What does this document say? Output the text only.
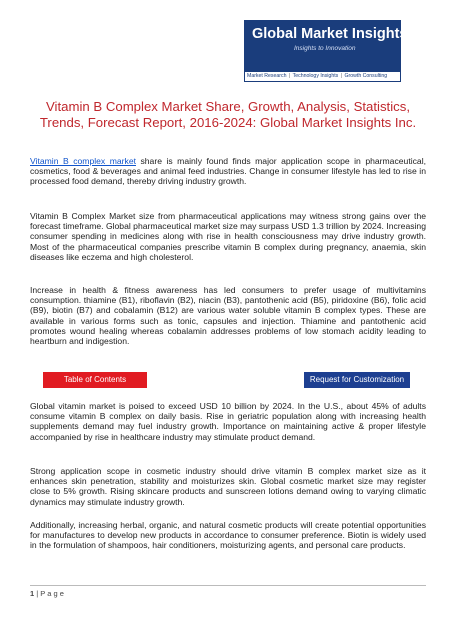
Global Market Insights
Insights to Innovation
Market Research | Technology Insights | Growth Consulting
Vitamin B Complex Market Share, Growth, Analysis, Statistics, Trends, Forecast Report, 2016-2024: Global Market Insights Inc.

Vitamin B complex market share is mainly found finds major application scope in pharmaceutical, cosmetics, food & beverages and animal feed industries. Change in consumer lifestyle has led to rise in processed food demand, thereby driving industry growth.

Vitamin B Complex Market size from pharmaceutical applications may witness strong gains over the forecast timeframe. Global pharmaceutical market size may surpass USD 1.3 trillion by 2024. Increasing consumer spending in medicines along with rise in health consciousness may drive industry growth. Most of the pharmaceutical companies prescribe vitamin B complex during pregnancy, anaemia, skin diseases like eczema and high cholesterol.

Increase in health & fitness awareness has led consumers to prefer usage of multivitamins consumption. thiamine (B1), riboflavin (B2), niacin (B3), pantothenic acid (B5), piridoxine (B6), folic acid (B9), biotin (B7) and cobalamin (B12) are various water soluble vitamin B complex types. These are available in various forms such as tonic, capsules and injection. Thiamine and pantothenic acid promotes wound healing whereas cobalamin addresses problems of low stomach acidity leading to heartburn and indigestion.

Table of Contents	Request for Customization

Global vitamin market is poised to exceed USD 10 billion by 2024. In the U.S., about 45% of adults consume vitamin B complex on daily basis. Rise in geriatric population along with increasing health supplements demand may fuel industry growth. Importance on maintaining active & proper lifestyle accompanied by rise in healthcare industry may stimulate product demand.

Strong application scope in cosmetic industry should drive vitamin B complex market size as it enhances skin penetration, stability and moisturizes skin. Global cosmetic market size may register close to 5% growth. Rising skincare products and sunscreen lotions demand owing to varying climatic dynamics may stimulate industry growth.

Additionally, increasing herbal, organic, and natural cosmetic products will create potential opportunities for manufactures to develop new products in accordance to consumer preference. Biotin is widely used in the formulation of shampoos, hair conditioners, moisturizing agents, and personal care products.

1 | P a g e
